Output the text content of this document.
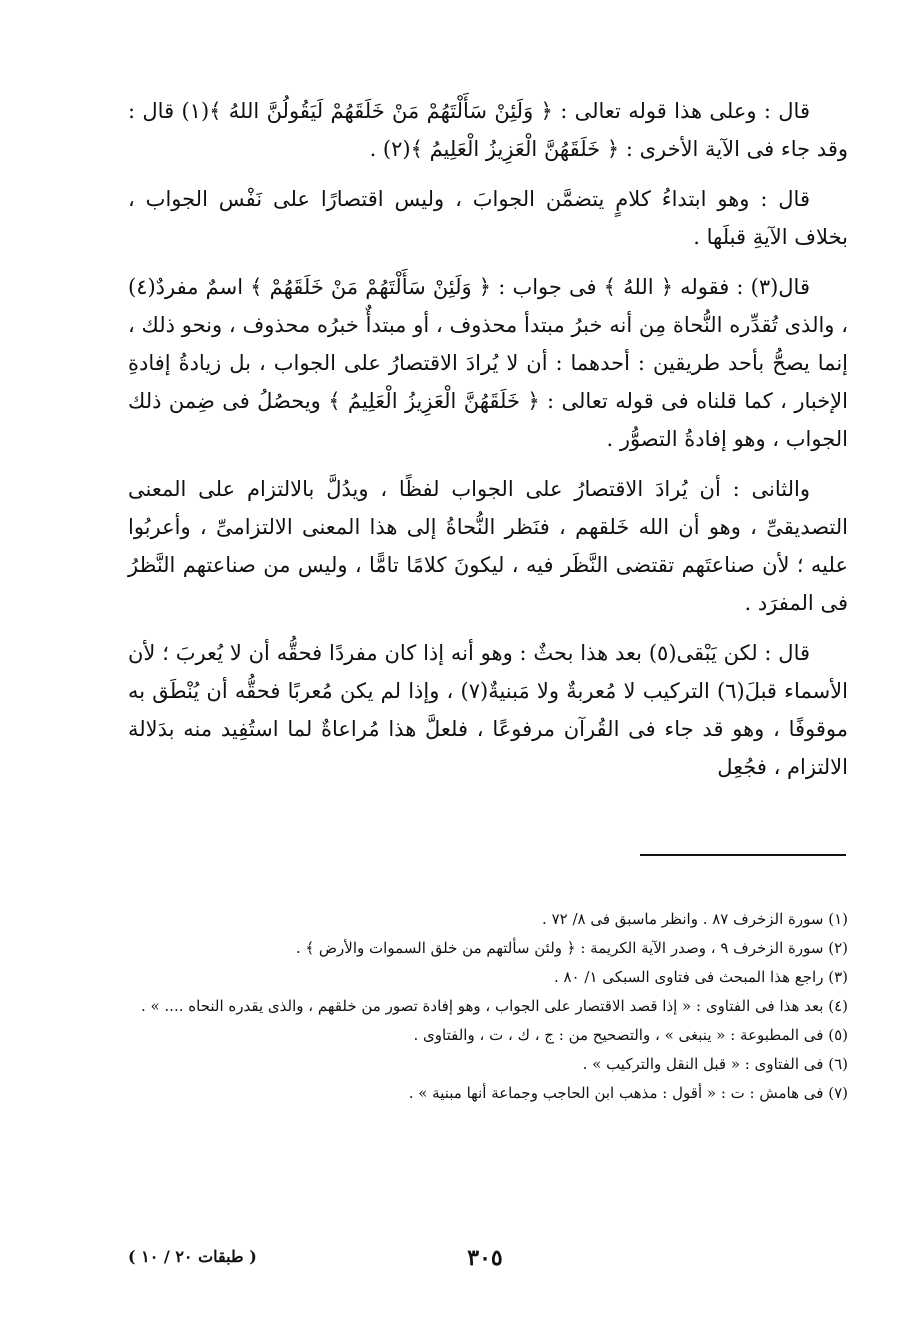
قال : وعلى هذا قوله تعالى : ﴿ وَلَئِنْ سَأَلْتَهُمْ مَنْ خَلَقَهُمْ لَيَقُولُنَّ اللهُ ﴾(١) قال : وقد جاء فى الآية الأخرى : ﴿ خَلَقَهُنَّ الْعَزِيزُ الْعَلِيمُ ﴾(٢) .

قال : وهو ابتداءُ كلامٍ يتضمَّن الجوابَ ، وليس اقتصارًا على نَفْس الجواب ، بخلاف الآيةِ قبلَها .

قال(٣) : فقوله ﴿ اللهُ ﴾ فى جواب : ﴿ وَلَئِنْ سَأَلْتَهُمْ مَنْ خَلَقَهُمْ ﴾ اسمٌ مفردٌ(٤) ، والذى تُقدِّره النُّحاة مِن أنه خبرُ مبتدأ محذوف ، أو مبتدأٌ خبرُه محذوف ، ونحو ذلك ، إنما يصحُّ بأحد طريقين : أحدهما : أن لا يُرادَ الاقتصارُ على الجواب ، بل زيادةُ إفادةِ الإخبار ، كما قلناه فى قوله تعالى : ﴿ خَلَقَهُنَّ الْعَزِيزُ الْعَلِيمُ ﴾ ويحصُلُ فى ضِمن ذلك الجواب ، وهو إفادةُ التصوُّر .

والثانى : أن يُرادَ الاقتصارُ على الجواب لفظًا ، ويدُلَّ بالالتزام على المعنى التصديقىِّ ، وهو أن الله خَلقهم ، فنَظر النُّحاةُ إلى هذا المعنى الالتزامىِّ ، وأعربُوا عليه ؛ لأن صناعتَهم تقتضى النَّظَر فيه ، ليكونَ كلامًا تامًّا ، وليس من صناعتهم النَّظرُ فى المفرَد .

قال : لكن يَبْقى(٥) بعد هذا بحثٌ : وهو أنه إذا كان مفردًا فحقُّه أن لا يُعربَ ؛ لأن الأسماء قبلَ(٦) التركيب لا مُعربةٌ ولا مَبنيةٌ(٧) ، وإذا لم يكن مُعربًا فحقُّه أن يُنْطَق به موقوفًا ، وهو قد جاء فى القُرآن مرفوعًا ، فلعلَّ هذا مُراعاةٌ لما استُفِيد منه بدَلالة الالتزام ، فجُعِل

(١) سورة الزخرف ٨٧ . وانظر ماسبق فى ٨/ ٧٢ .

(٢) سورة الزخرف ٩ ، وصدر الآية الكريمة : ﴿ ولئن سألتهم من خلق السموات والأرض ﴾ .

(٣) راجع هذا المبحث فى فتاوى السبكى ١/ ٨٠ .

(٤) بعد هذا فى الفتاوى : « إذا قصد الاقتصار على الجواب ، وهو إفادة تصور من خلقهم ، والذى يقدره النحاه .... » .

(٥) فى المطبوعة : « ينبغى » ، والتصحيح من : ج ، ك ، ت ، والفتاوى .

(٦) فى الفتاوى : « قبل النقل والتركيب » .

(٧) فى هامش : ت : « أقول : مذهب ابن الحاجب وجماعة أنها مبنية » .

٣٠٥
( طبقات ٢٠ / ١٠ )
